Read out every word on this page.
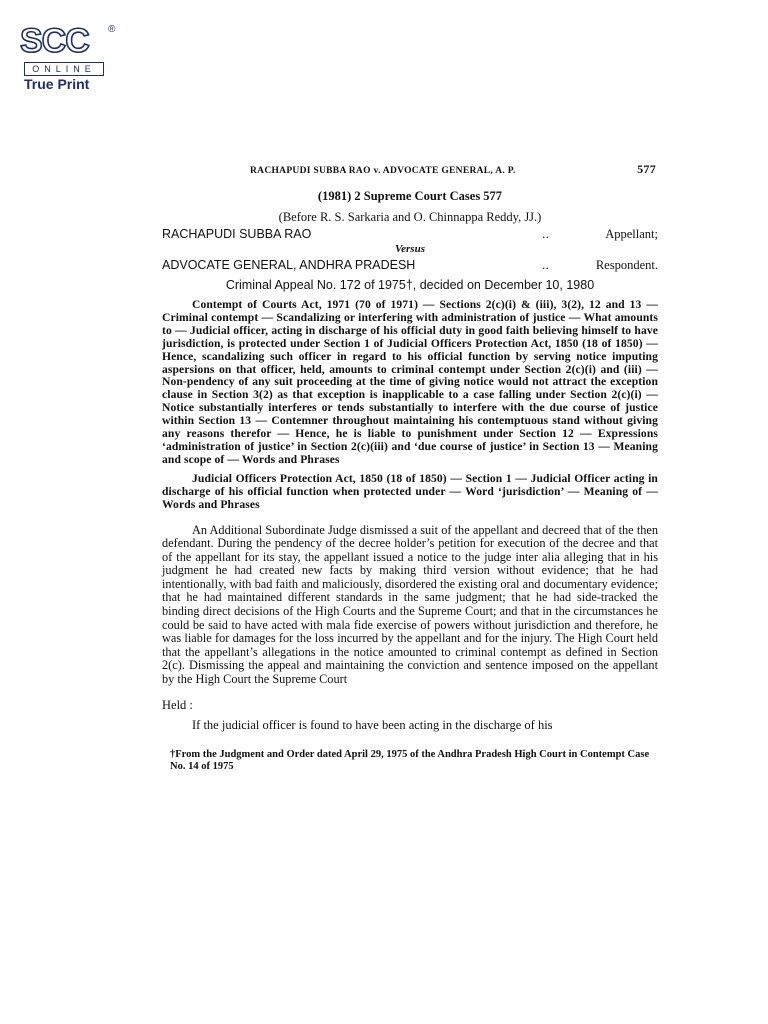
SCC ®
ONLINE
True Print
RACHAPUDI SUBBA RAO v. ADVOCATE GENERAL, A. P.	577
(1981) 2 Supreme Court Cases 577
(Before R. S. Sarkaria and O. Chinnappa Reddy, JJ.)
RACHAPUDI SUBBA RAO	..	Appellant;
Versus
ADVOCATE GENERAL, ANDHRA PRADESH	..	Respondent.
Criminal Appeal No. 172 of 1975†, decided on December 10, 1980

Contempt of Courts Act, 1971 (70 of 1971) — Sections 2(c)(i) & (iii), 3(2), 12 and 13 — Criminal contempt — Scandalizing or interfering with administration of justice — What amounts to — Judicial officer, acting in discharge of his official duty in good faith believing himself to have jurisdiction, is protected under Section 1 of Judicial Officers Protection Act, 1850 (18 of 1850) — Hence, scandalizing such officer in regard to his official function by serving notice imputing aspersions on that officer, held, amounts to criminal contempt under Section 2(c)(i) and (iii) — Non-pendency of any suit proceeding at the time of giving notice would not attract the exception clause in Section 3(2) as that exception is inapplicable to a case falling under Section 2(c)(i) — Notice substantially interferes or tends substantially to interfere with the due course of justice within Section 13 — Contemner throughout maintaining his contemptuous stand without giving any reasons therefor — Hence, he is liable to punishment under Section 12 — Expressions ‘administration of justice’ in Section 2(c)(iii) and ‘due course of justice’ in Section 13 — Meaning and scope of — Words and Phrases

Judicial Officers Protection Act, 1850 (18 of 1850) — Section 1 — Judicial Officer acting in discharge of his official function when protected under — Word ‘jurisdiction’ — Meaning of — Words and Phrases

An Additional Subordinate Judge dismissed a suit of the appellant and decreed that of the then defendant. During the pendency of the decree holder’s petition for execution of the decree and that of the appellant for its stay, the appellant issued a notice to the judge inter alia alleging that in his judgment he had created new facts by making third version without evidence; that he had intentionally, with bad faith and maliciously, disordered the existing oral and documentary evidence; that he had maintained different standards in the same judgment; that he had side-tracked the binding direct decisions of the High Courts and the Supreme Court; and that in the circumstances he could be said to have acted with mala fide exercise of powers without jurisdiction and therefore, he was liable for damages for the loss incurred by the appellant and for the injury. The High Court held that the appellant’s allegations in the notice amounted to criminal contempt as defined in Section 2(c). Dismissing the appeal and maintaining the conviction and sentence imposed on the appellant by the High Court the Supreme Court

Held :
If the judicial officer is found to have been acting in the discharge of his
†From the Judgment and Order dated April 29, 1975 of the Andhra Pradesh High Court in Contempt Case No. 14 of 1975
